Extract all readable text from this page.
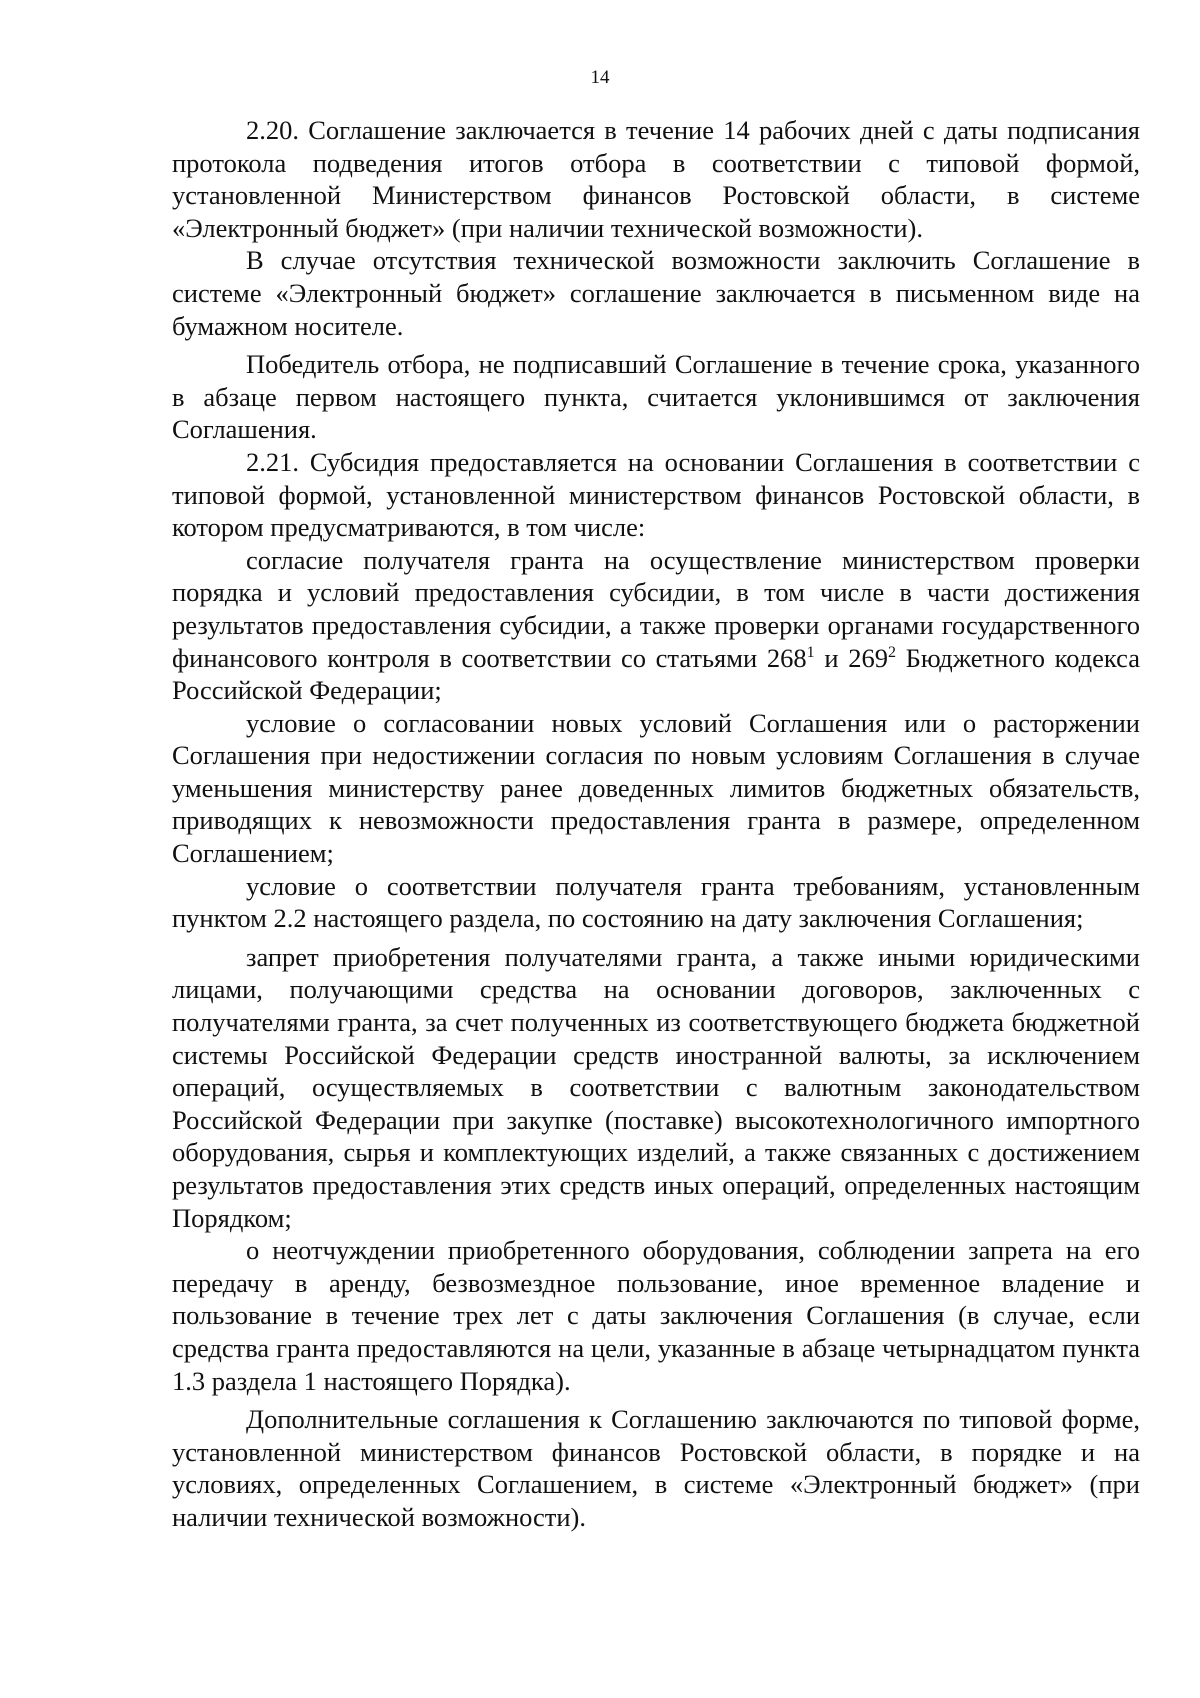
14

2.20. Соглашение заключается в течение 14 рабочих дней с даты подписания протокола подведения итогов отбора в соответствии с типовой формой, установленной Министерством финансов Ростовской области, в системе «Электронный бюджет» (при наличии технической возможности).

В случае отсутствия технической возможности заключить Соглашение в системе «Электронный бюджет» соглашение заключается в письменном виде на бумажном носителе.

Победитель отбора, не подписавший Соглашение в течение срока, указанного в абзаце первом настоящего пункта, считается уклонившимся от заключения Соглашения.

2.21. Субсидия предоставляется на основании Соглашения в соответствии с типовой формой, установленной министерством финансов Ростовской области, в котором предусматриваются, в том числе:

согласие получателя гранта на осуществление министерством проверки порядка и условий предоставления субсидии, в том числе в части достижения результатов предоставления субсидии, а также проверки органами государственного финансового контроля в соответствии со статьями $268^1$ и $269^2$ Бюджетного кодекса Российской Федерации;

условие о согласовании новых условий Соглашения или о расторжении Соглашения при недостижении согласия по новым условиям Соглашения в случае уменьшения министерству ранее доведенных лимитов бюджетных обязательств, приводящих к невозможности предоставления гранта в размере, определенном Соглашением;

условие о соответствии получателя гранта требованиям, установленным пунктом 2.2 настоящего раздела, по состоянию на дату заключения Соглашения;

запрет приобретения получателями гранта, а также иными юридическими лицами, получающими средства на основании договоров, заключенных с получателями гранта, за счет полученных из соответствующего бюджета бюджетной системы Российской Федерации средств иностранной валюты, за исключением операций, осуществляемых в соответствии с валютным законодательством Российской Федерации при закупке (поставке) высокотехнологичного импортного оборудования, сырья и комплектующих изделий, а также связанных с достижением результатов предоставления этих средств иных операций, определенных настоящим Порядком;

о неотчуждении приобретенного оборудования, соблюдении запрета на его передачу в аренду, безвозмездное пользование, иное временное владение и пользование в течение трех лет с даты заключения Соглашения (в случае, если средства гранта предоставляются на цели, указанные в абзаце четырнадцатом пункта 1.3 раздела 1 настоящего Порядка).

Дополнительные соглашения к Соглашению заключаются по типовой форме, установленной министерством финансов Ростовской области, в порядке и на условиях, определенных Соглашением, в системе «Электронный бюджет» (при наличии технической возможности).
